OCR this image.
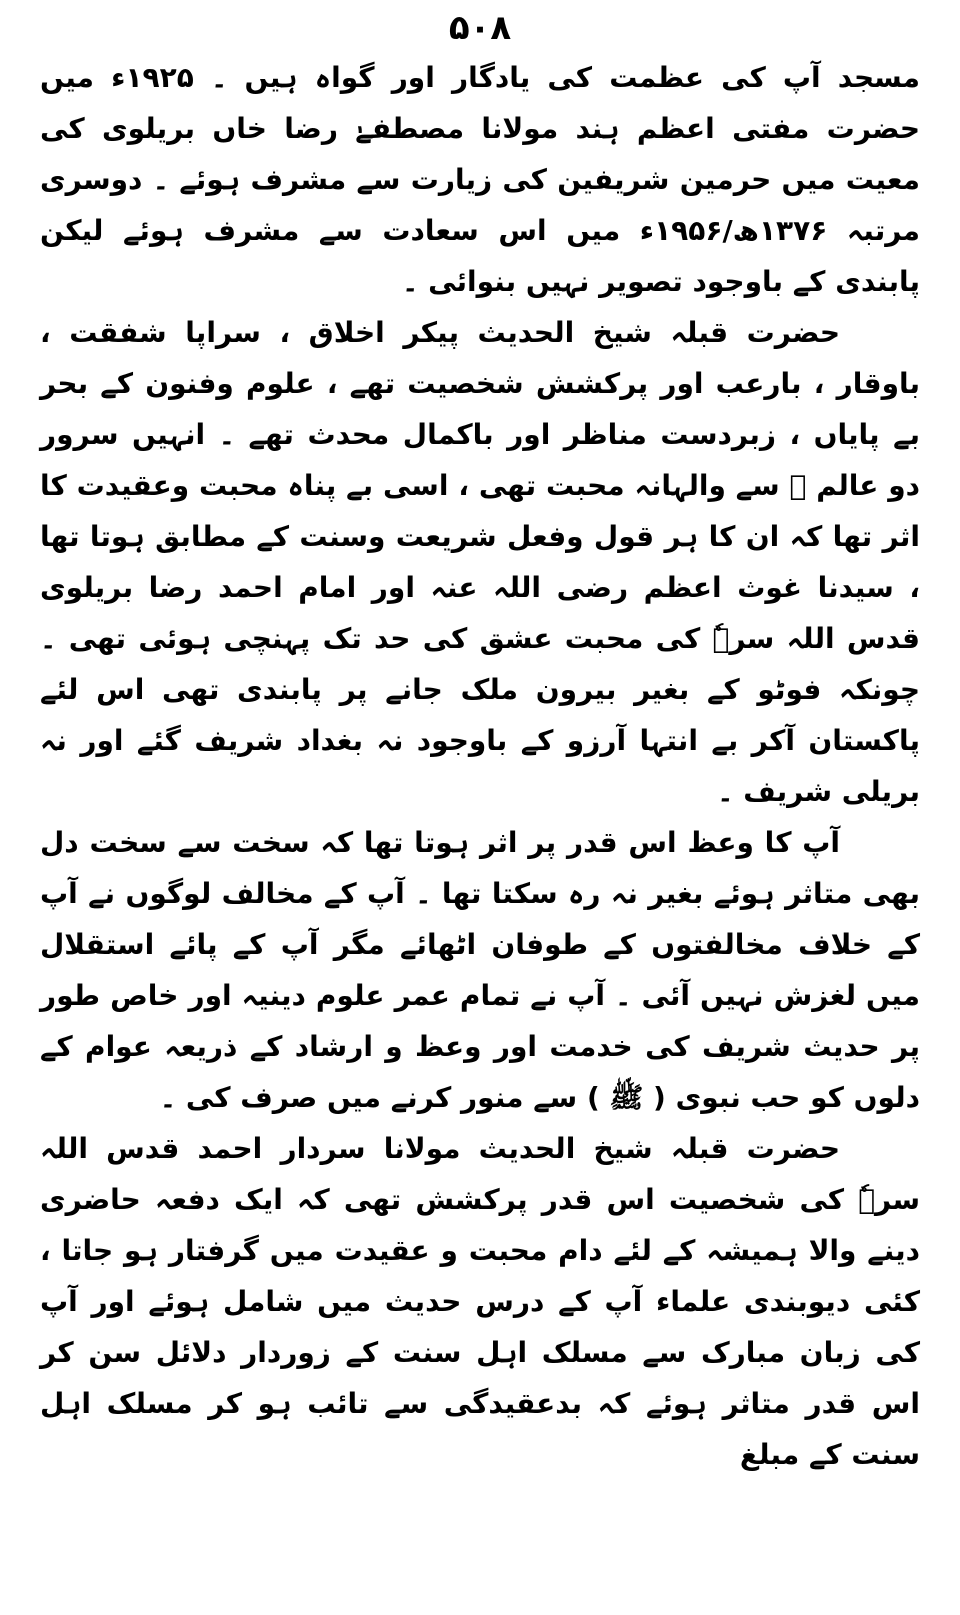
۵۰۸

مسجد آپ کی عظمت کی یادگار اور گواہ ہیں ۔ ۱۹۲۵ء میں حضرت مفتی اعظم ہند مولانا مصطفےٰ رضا خاں بریلوی کی معیت میں حرمین شریفین کی زیارت سے مشرف ہوئے ۔ دوسری مرتبہ ۱۳۷۶ھ/۱۹۵۶ء میں اس سعادت سے مشرف ہوئے لیکن پابندی کے باوجود تصویر نہیں بنوائی ۔

حضرت قبلہ شیخ الحدیث پیکر اخلاق ، سراپا شفقت ، باوقار ، بارعب اور پرکشش شخصیت تھے ، علوم وفنون کے بحر بے پایاں ، زبردست مناظر اور باکمال محدث تھے ۔ انہیں سرور دو عالم ﷺ سے والہانہ محبت تھی ، اسی بے پناہ محبت وعقیدت کا اثر تھا کہ ان کا ہر قول وفعل شریعت وسنت کے مطابق ہوتا تھا ، سیدنا غوث اعظم رضی اللہ عنہ اور امام احمد رضا بریلوی قدس اللہ سرہٗ کی محبت عشق کی حد تک پہنچی ہوئی تھی ۔ چونکہ فوٹو کے بغیر بیرون ملک جانے پر پابندی تھی اس لئے پاکستان آکر بے انتہا آرزو کے باوجود نہ بغداد شریف گئے اور نہ بریلی شریف ۔

آپ کا وعظ اس قدر پر اثر ہوتا تھا کہ سخت سے سخت دل بھی متاثر ہوئے بغیر نہ رہ سکتا تھا ۔ آپ کے مخالف لوگوں نے آپ کے خلاف مخالفتوں کے طوفان اٹھائے مگر آپ کے پائے استقلال میں لغزش نہیں آئی ۔ آپ نے تمام عمر علوم دینیہ اور خاص طور پر حدیث شریف کی خدمت اور وعظ و ارشاد کے ذریعہ عوام کے دلوں کو حب نبوی ( ﷺ ) سے منور کرنے میں صرف کی ۔

حضرت قبلہ شیخ الحدیث مولانا سردار احمد قدس اللہ سرہٗ کی شخصیت اس قدر پرکشش تھی کہ ایک دفعہ حاضری دینے والا ہمیشہ کے لئے دام محبت و عقیدت میں گرفتار ہو جاتا ، کئی دیوبندی علماء آپ کے درس حدیث میں شامل ہوئے اور آپ کی زبان مبارک سے مسلک اہل سنت کے زوردار دلائل سن کر اس قدر متاثر ہوئے کہ بدعقیدگی سے تائب ہو کر مسلک اہل سنت کے مبلغ
